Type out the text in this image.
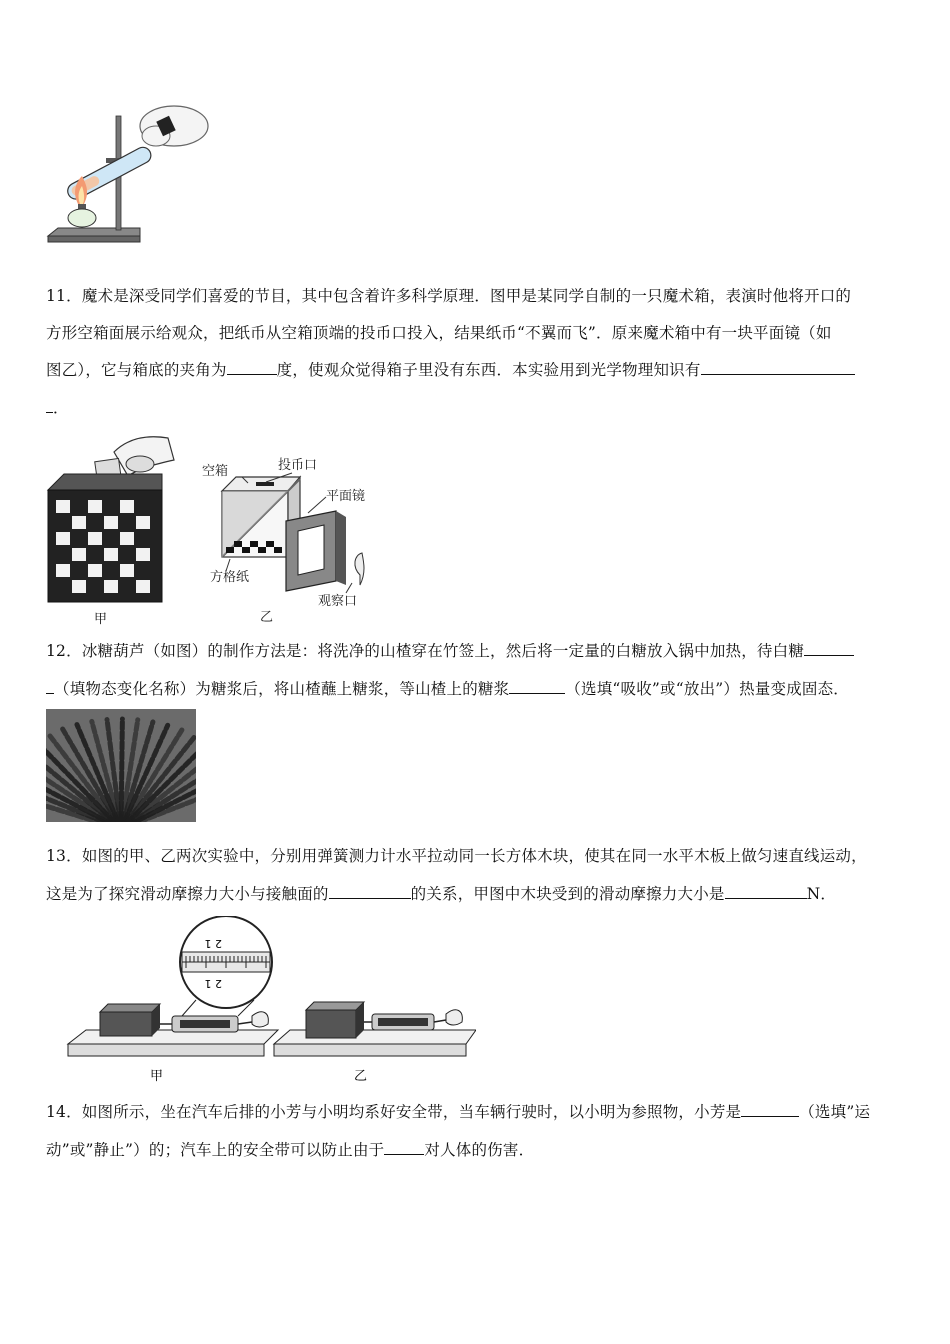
11．魔术是深受同学们喜爱的节目，其中包含着许多科学原理．图甲是某同学自制的一只魔术箱，表演时他将开口的
方形空箱面展示给观众，把纸币从空箱顶端的投币口投入，结果纸币“不翼而飞”．原来魔术箱中有一块平面镜（如
图乙），它与箱底的夹角为	度，使观众觉得箱子里没有东西．本实验用到光学物理知识有
．
甲
空箱	投币口
平面镜
方格纸
观察口
乙
12．冰糖葫芦（如图）的制作方法是：将洗净的山楂穿在竹签上，然后将一定量的白糖放入锅中加热，待白糖
（填物态变化名称）为糖浆后，将山楂蘸上糖浆，等山楂上的糖浆	（选填“吸收”或“放出”）热量变成固态．
13．如图的甲、乙两次实验中，分别用弹簧测力计水平拉动同一长方体木块，使其在同一水平木板上做匀速直线运动，
这是为了探究滑动摩擦力大小与接触面的	的关系，甲图中木块受到的滑动摩擦力大小是	N．
2 1
2 1
甲	乙
14．如图所示，坐在汽车后排的小芳与小明均系好安全带，当车辆行驶时，以小明为参照物，小芳是	（选填”运
动”或”静止”）的；汽车上的安全带可以防止由于	对人体的伤害．
